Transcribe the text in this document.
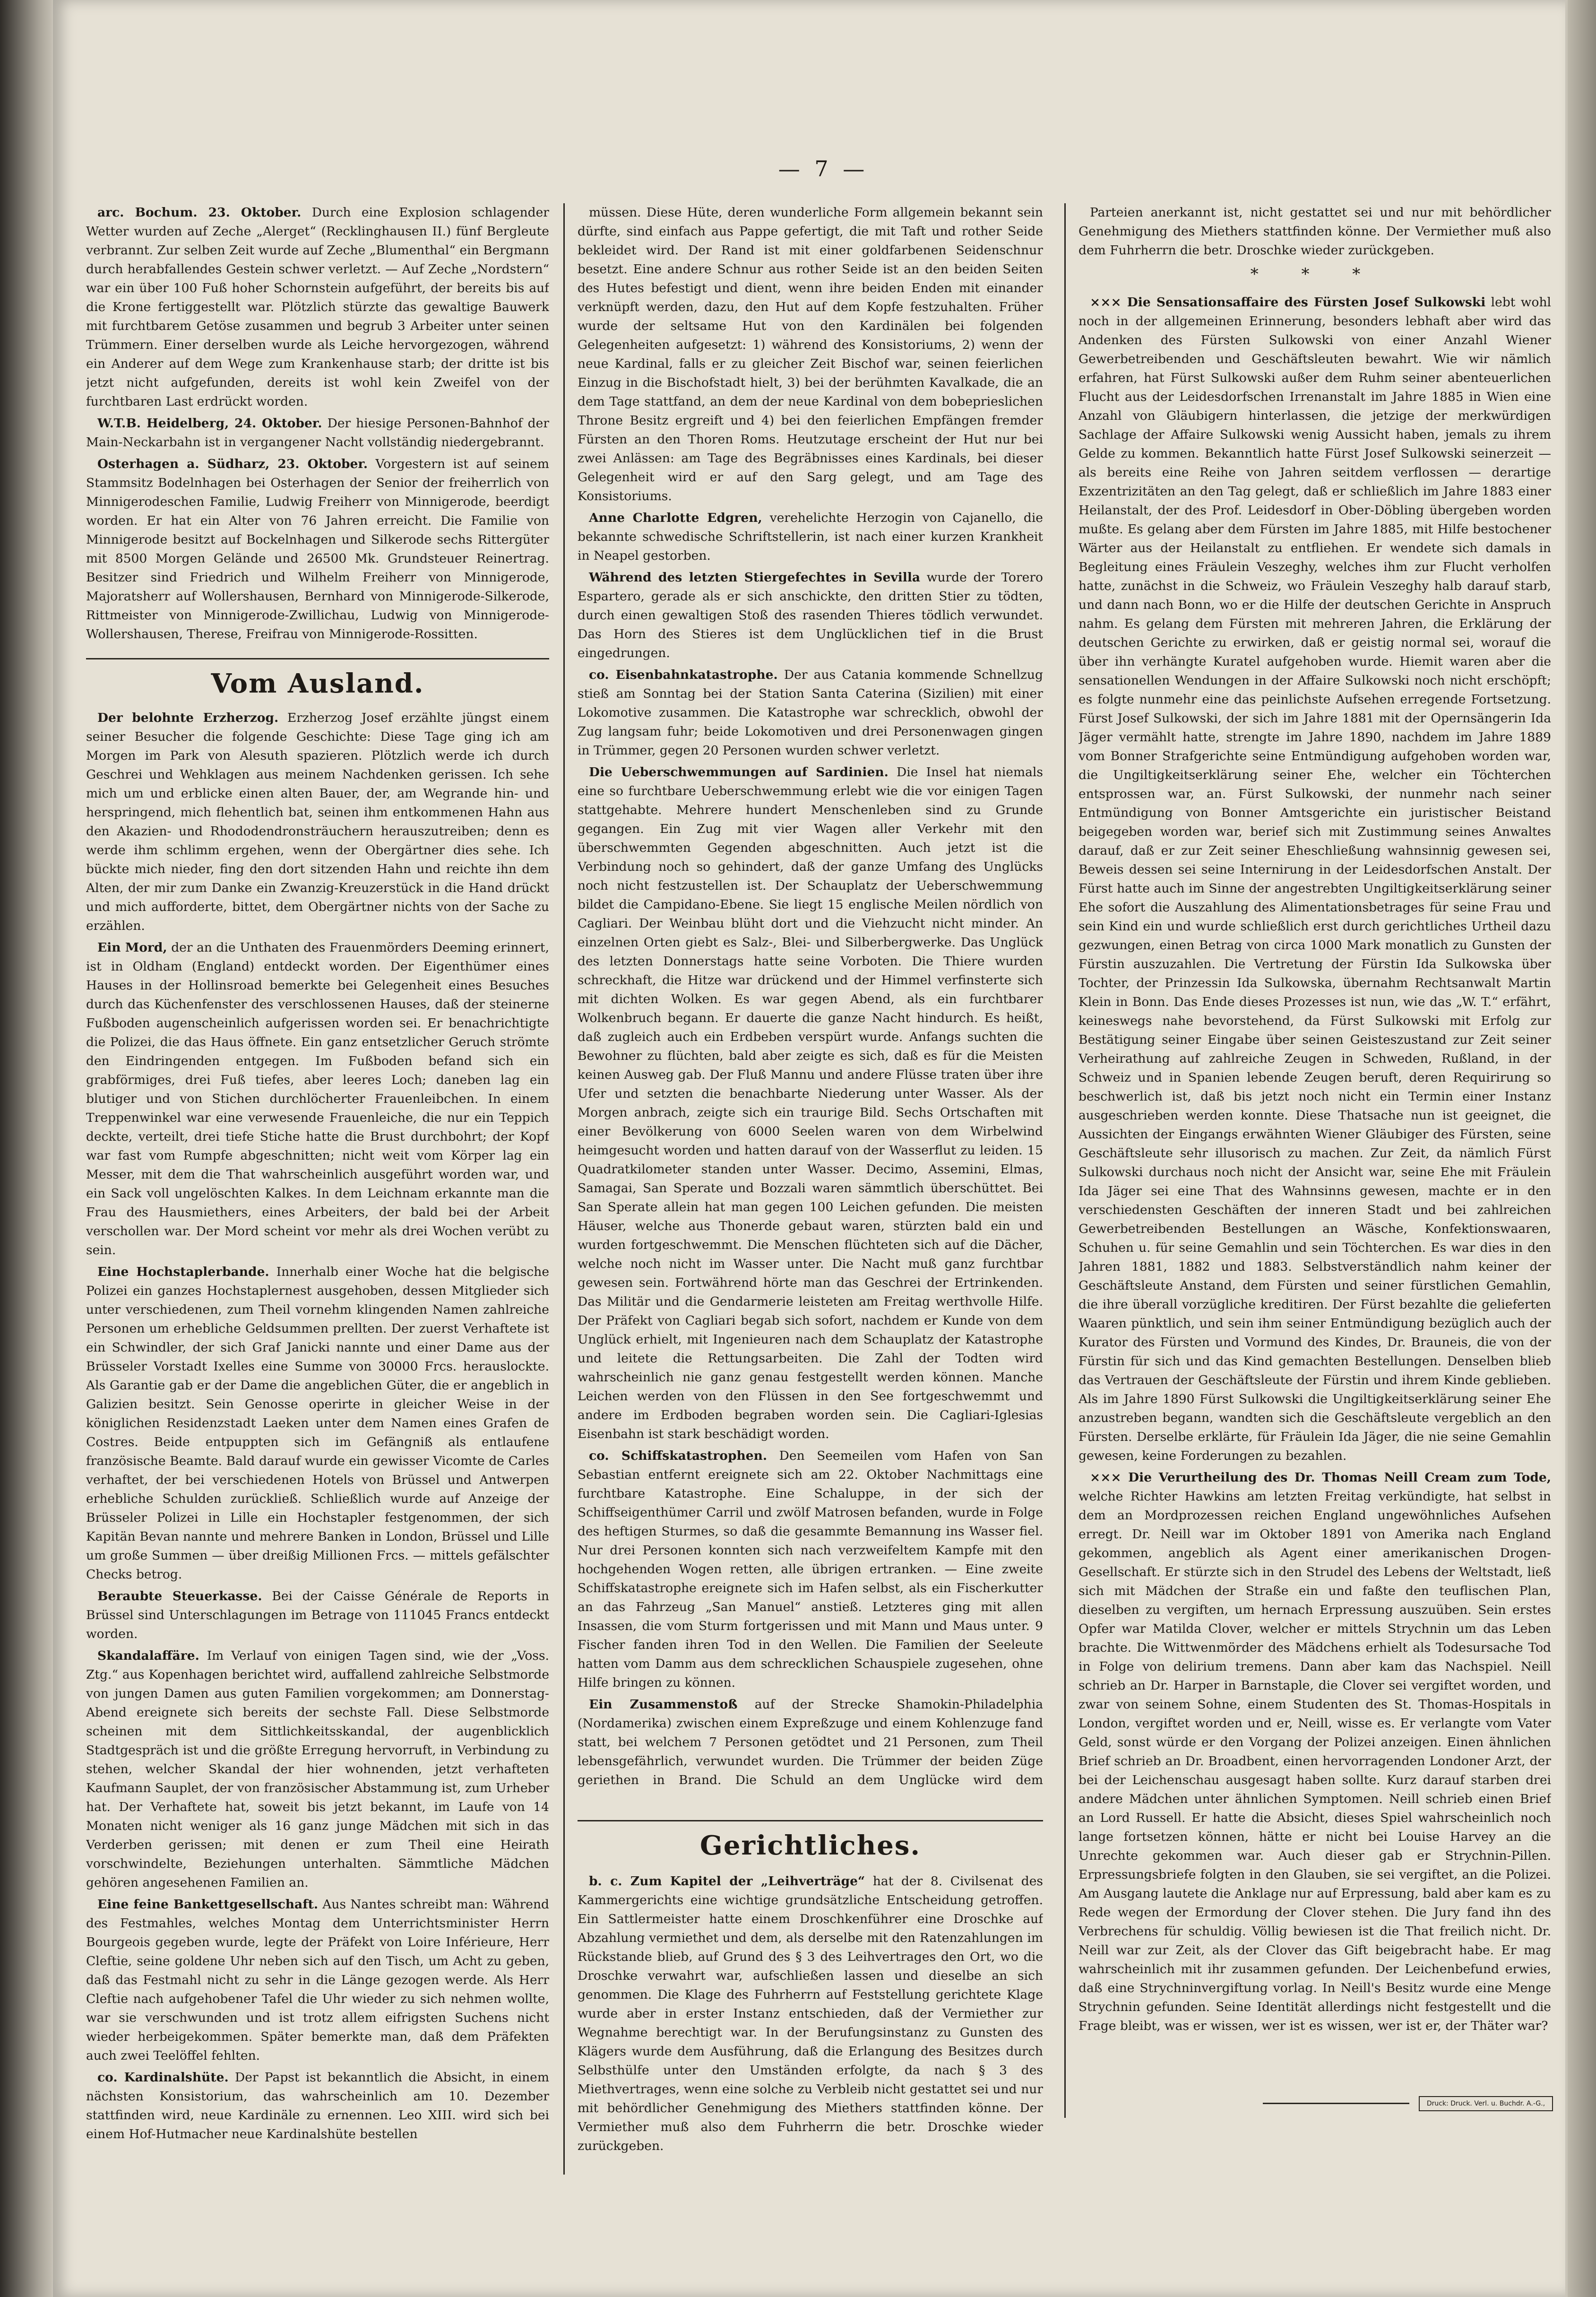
— 7 —

arc. Bochum. 23. Oktober. Durch eine Explosion schlagender Wetter wurden auf Zeche „Alerget“ (Recklinghausen II.) fünf Bergleute verbrannt. Zur selben Zeit wurde auf Zeche „Blumenthal“ ein Bergmann durch herabfallendes Gestein schwer verletzt. — Auf Zeche „Nordstern“ war ein über 100 Fuß hoher Schornstein aufgeführt, der bereits bis auf die Krone fertiggestellt war. Plötzlich stürzte das gewaltige Bauwerk mit furchtbarem Getöse zusammen und begrub 3 Arbeiter unter seinen Trümmern. Einer derselben wurde als Leiche hervorgezogen, während ein Anderer auf dem Wege zum Krankenhause starb; der dritte ist bis jetzt nicht aufgefunden, dereits ist wohl kein Zweifel von der furchtbaren Last erdrückt worden.

W.T.B. Heidelberg, 24. Oktober. Der hiesige Personen-Bahnhof der Main-Neckarbahn ist in vergangener Nacht vollständig niedergebrannt.

Osterhagen a. Südharz, 23. Oktober. Vorgestern ist auf seinem Stammsitz Bodelnhagen bei Osterhagen der Senior der freiherrlich von Minnigerodeschen Familie, Ludwig Freiherr von Minnigerode, beerdigt worden. Er hat ein Alter von 76 Jahren erreicht. Die Familie von Minnigerode besitzt auf Bockelnhagen und Silkerode sechs Rittergüter mit 8500 Morgen Gelände und 26500 Mk. Grundsteuer Reinertrag. Besitzer sind Friedrich und Wilhelm Freiherr von Minnigerode, Majoratsherr auf Wollershausen, Bernhard von Minnigerode-Silkerode, Rittmeister von Minnigerode-Zwillichau, Ludwig von Minnigerode-Wollershausen, Therese, Freifrau von Minnigerode-Rossitten.

Vom Ausland.

Der belohnte Erzherzog. Erzherzog Josef erzählte jüngst einem seiner Besucher die folgende Geschichte: Diese Tage ging ich am Morgen im Park von Alesuth spazieren. Plötzlich werde ich durch Geschrei und Wehklagen aus meinem Nachdenken gerissen. Ich sehe mich um und erblicke einen alten Bauer, der, am Wegrande hin- und herspringend, mich flehentlich bat, seinen ihm entkommenen Hahn aus den Akazien- und Rhododendronsträuchern herauszutreiben; denn es werde ihm schlimm ergehen, wenn der Obergärtner dies sehe. Ich bückte mich nieder, fing den dort sitzenden Hahn und reichte ihn dem Alten, der mir zum Danke ein Zwanzig-Kreuzerstück in die Hand drückt und mich aufforderte, bittet, dem Obergärtner nichts von der Sache zu erzählen.

Ein Mord, der an die Unthaten des Frauenmörders Deeming erinnert, ist in Oldham (England) entdeckt worden. Der Eigenthümer eines Hauses in der Hollinsroad bemerkte bei Gelegenheit eines Besuches durch das Küchenfenster des verschlossenen Hauses, daß der steinerne Fußboden augenscheinlich aufgerissen worden sei. Er benachrichtigte die Polizei, die das Haus öffnete. Ein ganz entsetzlicher Geruch strömte den Eindringenden entgegen. Im Fußboden befand sich ein grabförmiges, drei Fuß tiefes, aber leeres Loch; daneben lag ein blutiger und von Stichen durchlöcherter Frauenleibchen. In einem Treppenwinkel war eine verwesende Frauenleiche, die nur ein Teppich deckte, verteilt, drei tiefe Stiche hatte die Brust durchbohrt; der Kopf war fast vom Rumpfe abgeschnitten; nicht weit vom Körper lag ein Messer, mit dem die That wahrscheinlich ausgeführt worden war, und ein Sack voll ungelöschten Kalkes. In dem Leichnam erkannte man die Frau des Hausmiethers, eines Arbeiters, der bald bei der Arbeit verschollen war. Der Mord scheint vor mehr als drei Wochen verübt zu sein.

Eine Hochstaplerbande. Innerhalb einer Woche hat die belgische Polizei ein ganzes Hochstaplernest ausgehoben, dessen Mitglieder sich unter verschiedenen, zum Theil vornehm klingenden Namen zahlreiche Personen um erhebliche Geldsummen prellten. Der zuerst Verhaftete ist ein Schwindler, der sich Graf Janicki nannte und einer Dame aus der Brüsseler Vorstadt Ixelles eine Summe von 30000 Frcs. herauslockte. Als Garantie gab er der Dame die angeblichen Güter, die er angeblich in Galizien besitzt. Sein Genosse operirte in gleicher Weise in der königlichen Residenzstadt Laeken unter dem Namen eines Grafen de Costres. Beide entpuppten sich im Gefängniß als entlaufene französische Beamte. Bald darauf wurde ein gewisser Vicomte de Carles verhaftet, der bei verschiedenen Hotels von Brüssel und Antwerpen erhebliche Schulden zurückließ. Schließlich wurde auf Anzeige der Brüsseler Polizei in Lille ein Hochstapler festgenommen, der sich Kapitän Bevan nannte und mehrere Banken in London, Brüssel und Lille um große Summen — über dreißig Millionen Frcs. — mittels gefälschter Checks betrog.

Beraubte Steuerkasse. Bei der Caisse Générale de Reports in Brüssel sind Unterschlagungen im Betrage von 111045 Francs entdeckt worden.

Skandalaffäre. Im Verlauf von einigen Tagen sind, wie der „Voss. Ztg.“ aus Kopenhagen berichtet wird, auffallend zahlreiche Selbstmorde von jungen Damen aus guten Familien vorgekommen; am Donnerstag-Abend ereignete sich bereits der sechste Fall. Diese Selbstmorde scheinen mit dem Sittlichkeitsskandal, der augenblicklich Stadtgespräch ist und die größte Erregung hervorruft, in Verbindung zu stehen, welcher Skandal der hier wohnenden, jetzt verhafteten Kaufmann Sauplet, der von französischer Abstammung ist, zum Urheber hat. Der Verhaftete hat, soweit bis jetzt bekannt, im Laufe von 14 Monaten nicht weniger als 16 ganz junge Mädchen mit sich in das Verderben gerissen; mit denen er zum Theil eine Heirath vorschwindelte, Beziehungen unterhalten. Sämmtliche Mädchen gehören angesehenen Familien an.

Eine feine Bankettgesellschaft. Aus Nantes schreibt man: Während des Festmahles, welches Montag dem Unterrichtsminister Herrn Bourgeois gegeben wurde, legte der Präfekt von Loire Inférieure, Herr Cleftie, seine goldene Uhr neben sich auf den Tisch, um Acht zu geben, daß das Festmahl nicht zu sehr in die Länge gezogen werde. Als Herr Cleftie nach aufgehobener Tafel die Uhr wieder zu sich nehmen wollte, war sie verschwunden und ist trotz allem eifrigsten Suchens nicht wieder herbeigekommen. Später bemerkte man, daß dem Präfekten auch zwei Teelöffel fehlten.

co. Kardinalshüte. Der Papst ist bekanntlich die Absicht, in einem nächsten Konsistorium, das wahrscheinlich am 10. Dezember stattfinden wird, neue Kardinäle zu ernennen. Leo XIII. wird sich bei einem Hof-Hutmacher neue Kardinalshüte bestellen

müssen. Diese Hüte, deren wunderliche Form allgemein bekannt sein dürfte, sind einfach aus Pappe gefertigt, die mit Taft und rother Seide bekleidet wird. Der Rand ist mit einer goldfarbenen Seidenschnur besetzt. Eine andere Schnur aus rother Seide ist an den beiden Seiten des Hutes befestigt und dient, wenn ihre beiden Enden mit einander verknüpft werden, dazu, den Hut auf dem Kopfe festzuhalten. Früher wurde der seltsame Hut von den Kardinälen bei folgenden Gelegenheiten aufgesetzt: 1) während des Konsistoriums, 2) wenn der neue Kardinal, falls er zu gleicher Zeit Bischof war, seinen feierlichen Einzug in die Bischofstadt hielt, 3) bei der berühmten Kavalkade, die an dem Tage stattfand, an dem der neue Kardinal von dem bobeprieslichen Throne Besitz ergreift und 4) bei den feierlichen Empfängen fremder Fürsten an den Thoren Roms. Heutzutage erscheint der Hut nur bei zwei Anlässen: am Tage des Begräbnisses eines Kardinals, bei dieser Gelegenheit wird er auf den Sarg gelegt, und am Tage des Konsistoriums.

Anne Charlotte Edgren, verehelichte Herzogin von Cajanello, die bekannte schwedische Schriftstellerin, ist nach einer kurzen Krankheit in Neapel gestorben.

Während des letzten Stiergefechtes in Sevilla wurde der Torero Espartero, gerade als er sich anschickte, den dritten Stier zu tödten, durch einen gewaltigen Stoß des rasenden Thieres tödlich verwundet. Das Horn des Stieres ist dem Unglücklichen tief in die Brust eingedrungen.

co. Eisenbahnkatastrophe. Der aus Catania kommende Schnellzug stieß am Sonntag bei der Station Santa Caterina (Sizilien) mit einer Lokomotive zusammen. Die Katastrophe war schrecklich, obwohl der Zug langsam fuhr; beide Lokomotiven und drei Personenwagen gingen in Trümmer, gegen 20 Personen wurden schwer verletzt.

Die Ueberschwemmungen auf Sardinien. Die Insel hat niemals eine so furchtbare Ueberschwemmung erlebt wie die vor einigen Tagen stattgehabte. Mehrere hundert Menschenleben sind zu Grunde gegangen. Ein Zug mit vier Wagen aller Verkehr mit den überschwemmten Gegenden abgeschnitten. Auch jetzt ist die Verbindung noch so gehindert, daß der ganze Umfang des Unglücks noch nicht festzustellen ist. Der Schauplatz der Ueberschwemmung bildet die Campidano-Ebene. Sie liegt 15 englische Meilen nördlich von Cagliari. Der Weinbau blüht dort und die Viehzucht nicht minder. An einzelnen Orten giebt es Salz-, Blei- und Silberbergwerke. Das Unglück des letzten Donnerstags hatte seine Vorboten. Die Thiere wurden schreckhaft, die Hitze war drückend und der Himmel verfinsterte sich mit dichten Wolken. Es war gegen Abend, als ein furchtbarer Wolkenbruch begann. Er dauerte die ganze Nacht hindurch. Es heißt, daß zugleich auch ein Erdbeben verspürt wurde. Anfangs suchten die Bewohner zu flüchten, bald aber zeigte es sich, daß es für die Meisten keinen Ausweg gab. Der Fluß Mannu und andere Flüsse traten über ihre Ufer und setzten die benachbarte Niederung unter Wasser. Als der Morgen anbrach, zeigte sich ein traurige Bild. Sechs Ortschaften mit einer Bevölkerung von 6000 Seelen waren von dem Wirbelwind heimgesucht worden und hatten darauf von der Wasserflut zu leiden. 15 Quadratkilometer standen unter Wasser. Decimo, Assemini, Elmas, Samagai, San Sperate und Bozzali waren sämmtlich überschüttet. Bei San Sperate allein hat man gegen 100 Leichen gefunden. Die meisten Häuser, welche aus Thonerde gebaut waren, stürzten bald ein und wurden fortgeschwemmt. Die Menschen flüchteten sich auf die Dächer, welche noch nicht im Wasser unter. Die Nacht muß ganz furchtbar gewesen sein. Fortwährend hörte man das Geschrei der Ertrinkenden. Das Militär und die Gendarmerie leisteten am Freitag werthvolle Hilfe. Der Präfekt von Cagliari begab sich sofort, nachdem er Kunde von dem Unglück erhielt, mit Ingenieuren nach dem Schauplatz der Katastrophe und leitete die Rettungsarbeiten. Die Zahl der Todten wird wahrscheinlich nie ganz genau festgestellt werden können. Manche Leichen werden von den Flüssen in den See fortgeschwemmt und andere im Erdboden begraben worden sein. Die Cagliari-Iglesias Eisenbahn ist stark beschädigt worden.

co. Schiffskatastrophen. Den Seemeilen vom Hafen von San Sebastian entfernt ereignete sich am 22. Oktober Nachmittags eine furchtbare Katastrophe. Eine Schaluppe, in der sich der Schiffseigenthümer Carril und zwölf Matrosen befanden, wurde in Folge des heftigen Sturmes, so daß die gesammte Bemannung ins Wasser fiel. Nur drei Personen konnten sich nach verzweifeltem Kampfe mit den hochgehenden Wogen retten, alle übrigen ertranken. — Eine zweite Schiffskatastrophe ereignete sich im Hafen selbst, als ein Fischerkutter an das Fahrzeug „San Manuel“ anstieß. Letzteres ging mit allen Insassen, die vom Sturm fortgerissen und mit Mann und Maus unter. 9 Fischer fanden ihren Tod in den Wellen. Die Familien der Seeleute hatten vom Damm aus dem schrecklichen Schauspiele zugesehen, ohne Hilfe bringen zu können.

Ein Zusammenstoß auf der Strecke Shamokin-Philadelphia (Nordamerika) zwischen einem Expreßzuge und einem Kohlenzuge fand statt, bei welchem 7 Personen getödtet und 21 Personen, zum Theil lebensgefährlich, verwundet wurden. Die Trümmer der beiden Züge geriethen in Brand. Die Schuld an dem Unglücke wird dem

Gerichtliches.

b. c. Zum Kapitel der „Leihverträge“ hat der 8. Civilsenat des Kammergerichts eine wichtige grundsätzliche Entscheidung getroffen. Ein Sattlermeister hatte einem Droschkenführer eine Droschke auf Abzahlung vermiethet und dem, als derselbe mit den Ratenzahlungen im Rückstande blieb, auf Grund des § 3 des Leihvertrages den Ort, wo die Droschke verwahrt war, aufschließen lassen und dieselbe an sich genommen. Die Klage des Fuhrherrn auf Feststellung gerichtete Klage wurde aber in erster Instanz entschieden, daß der Vermiether zur Wegnahme berechtigt war. In der Berufungsinstanz zu Gunsten des Klägers wurde dem Ausführung, daß die Erlangung des Besitzes durch Selbsthülfe unter den Umständen erfolgte, da nach § 3 des Miethvertrages, wenn eine solche zu Verbleib nicht gestattet sei und nur mit behördlicher Genehmigung des Miethers stattfinden könne. Der Vermiether muß also dem Fuhrherrn die betr. Droschke wieder zurückgeben.

Parteien anerkannt ist, nicht gestattet sei und nur mit behördlicher Genehmigung des Miethers stattfinden könne. Der Vermiether muß also dem Fuhrherrn die betr. Droschke wieder zurückgeben.

* * *

××× Die Sensationsaffaire des Fürsten Josef Sulkowski lebt wohl noch in der allgemeinen Erinnerung, besonders lebhaft aber wird das Andenken des Fürsten Sulkowski von einer Anzahl Wiener Gewerbetreibenden und Geschäftsleuten bewahrt. Wie wir nämlich erfahren, hat Fürst Sulkowski außer dem Ruhm seiner abenteuerlichen Flucht aus der Leidesdorfschen Irrenanstalt im Jahre 1885 in Wien eine Anzahl von Gläubigern hinterlassen, die jetzige der merkwürdigen Sachlage der Affaire Sulkowski wenig Aussicht haben, jemals zu ihrem Gelde zu kommen. Bekanntlich hatte Fürst Josef Sulkowski seinerzeit — als bereits eine Reihe von Jahren seitdem verflossen — derartige Exzentrizitäten an den Tag gelegt, daß er schließlich im Jahre 1883 einer Heilanstalt, der des Prof. Leidesdorf in Ober-Döbling übergeben worden mußte. Es gelang aber dem Fürsten im Jahre 1885, mit Hilfe bestochener Wärter aus der Heilanstalt zu entfliehen. Er wendete sich damals in Begleitung eines Fräulein Veszeghy, welches ihm zur Flucht verholfen hatte, zunächst in die Schweiz, wo Fräulein Veszeghy halb darauf starb, und dann nach Bonn, wo er die Hilfe der deutschen Gerichte in Anspruch nahm. Es gelang dem Fürsten mit mehreren Jahren, die Erklärung der deutschen Gerichte zu erwirken, daß er geistig normal sei, worauf die über ihn verhängte Kuratel aufgehoben wurde. Hiemit waren aber die sensationellen Wendungen in der Affaire Sulkowski noch nicht erschöpft; es folgte nunmehr eine das peinlichste Aufsehen erregende Fortsetzung. Fürst Josef Sulkowski, der sich im Jahre 1881 mit der Opernsängerin Ida Jäger vermählt hatte, strengte im Jahre 1890, nachdem im Jahre 1889 vom Bonner Strafgerichte seine Entmündigung aufgehoben worden war, die Ungiltigkeitserklärung seiner Ehe, welcher ein Töchterchen entsprossen war, an. Fürst Sulkowski, der nunmehr nach seiner Entmündigung von Bonner Amtsgerichte ein juristischer Beistand beigegeben worden war, berief sich mit Zustimmung seines Anwaltes darauf, daß er zur Zeit seiner Eheschließung wahnsinnig gewesen sei, Beweis dessen sei seine Internirung in der Leidesdorfschen Anstalt. Der Fürst hatte auch im Sinne der angestrebten Ungiltigkeitserklärung seiner Ehe sofort die Auszahlung des Alimentationsbetrages für seine Frau und sein Kind ein und wurde schließlich erst durch gerichtliches Urtheil dazu gezwungen, einen Betrag von circa 1000 Mark monatlich zu Gunsten der Fürstin auszuzahlen. Die Vertretung der Fürstin Ida Sulkowska über Tochter, der Prinzessin Ida Sulkowska, übernahm Rechtsanwalt Martin Klein in Bonn. Das Ende dieses Prozesses ist nun, wie das „W. T.“ erfährt, keineswegs nahe bevorstehend, da Fürst Sulkowski mit Erfolg zur Bestätigung seiner Eingabe über seinen Geisteszustand zur Zeit seiner Verheirathung auf zahlreiche Zeugen in Schweden, Rußland, in der Schweiz und in Spanien lebende Zeugen beruft, deren Requirirung so beschwerlich ist, daß bis jetzt noch nicht ein Termin einer Instanz ausgeschrieben werden konnte. Diese Thatsache nun ist geeignet, die Aussichten der Eingangs erwähnten Wiener Gläubiger des Fürsten, seine Geschäftsleute sehr illusorisch zu machen. Zur Zeit, da nämlich Fürst Sulkowski durchaus noch nicht der Ansicht war, seine Ehe mit Fräulein Ida Jäger sei eine That des Wahnsinns gewesen, machte er in den verschiedensten Geschäften der inneren Stadt und bei zahlreichen Gewerbetreibenden Bestellungen an Wäsche, Konfektionswaaren, Schuhen u. für seine Gemahlin und sein Töchterchen. Es war dies in den Jahren 1881, 1882 und 1883. Selbstverständlich nahm keiner der Geschäftsleute Anstand, dem Fürsten und seiner fürstlichen Gemahlin, die ihre überall vorzügliche kreditiren. Der Fürst bezahlte die gelieferten Waaren pünktlich, und sein ihm seiner Entmündigung bezüglich auch der Kurator des Fürsten und Vormund des Kindes, Dr. Brauneis, die von der Fürstin für sich und das Kind gemachten Bestellungen. Denselben blieb das Vertrauen der Geschäftsleute der Fürstin und ihrem Kinde geblieben. Als im Jahre 1890 Fürst Sulkowski die Ungiltigkeitserklärung seiner Ehe anzustreben begann, wandten sich die Geschäftsleute vergeblich an den Fürsten. Derselbe erklärte, für Fräulein Ida Jäger, die nie seine Gemahlin gewesen, keine Forderungen zu bezahlen.

××× Die Verurtheilung des Dr. Thomas Neill Cream zum Tode, welche Richter Hawkins am letzten Freitag verkündigte, hat selbst in dem an Mordprozessen reichen England ungewöhnliches Aufsehen erregt. Dr. Neill war im Oktober 1891 von Amerika nach England gekommen, angeblich als Agent einer amerikanischen Drogen-Gesellschaft. Er stürzte sich in den Strudel des Lebens der Weltstadt, ließ sich mit Mädchen der Straße ein und faßte den teuflischen Plan, dieselben zu vergiften, um hernach Erpressung auszuüben. Sein erstes Opfer war Matilda Clover, welcher er mittels Strychnin um das Leben brachte. Die Wittwenmörder des Mädchens erhielt als Todesursache Tod in Folge von delirium tremens. Dann aber kam das Nachspiel. Neill schrieb an Dr. Harper in Barnstaple, die Clover sei vergiftet worden, und zwar von seinem Sohne, einem Studenten des St. Thomas-Hospitals in London, vergiftet worden und er, Neill, wisse es. Er verlangte vom Vater Geld, sonst würde er den Vorgang der Polizei anzeigen. Einen ähnlichen Brief schrieb an Dr. Broadbent, einen hervorragenden Londoner Arzt, der bei der Leichenschau ausgesagt haben sollte. Kurz darauf starben drei andere Mädchen unter ähnlichen Symptomen. Neill schrieb einen Brief an Lord Russell. Er hatte die Absicht, dieses Spiel wahrscheinlich noch lange fortsetzen können, hätte er nicht bei Louise Harvey an die Unrechte gekommen war. Auch dieser gab er Strychnin-Pillen. Erpressungsbriefe folgten in den Glauben, sie sei vergiftet, an die Polizei. Am Ausgang lautete die Anklage nur auf Erpressung, bald aber kam es zu Rede wegen der Ermordung der Clover stehen. Die Jury fand ihn des Verbrechens für schuldig. Völlig bewiesen ist die That freilich nicht. Dr. Neill war zur Zeit, als der Clover das Gift beigebracht habe. Er mag wahrscheinlich mit ihr zusammen gefunden. Der Leichenbefund erwies, daß eine Strychninvergiftung vorlag. In Neill's Besitz wurde eine Menge Strychnin gefunden. Seine Identität allerdings nicht festgestellt und die Frage bleibt, was er wissen, wer ist es wissen, wer ist er, der Thäter war?

Druck: Druck. Verl. u. Buchdr. A.-G.,
